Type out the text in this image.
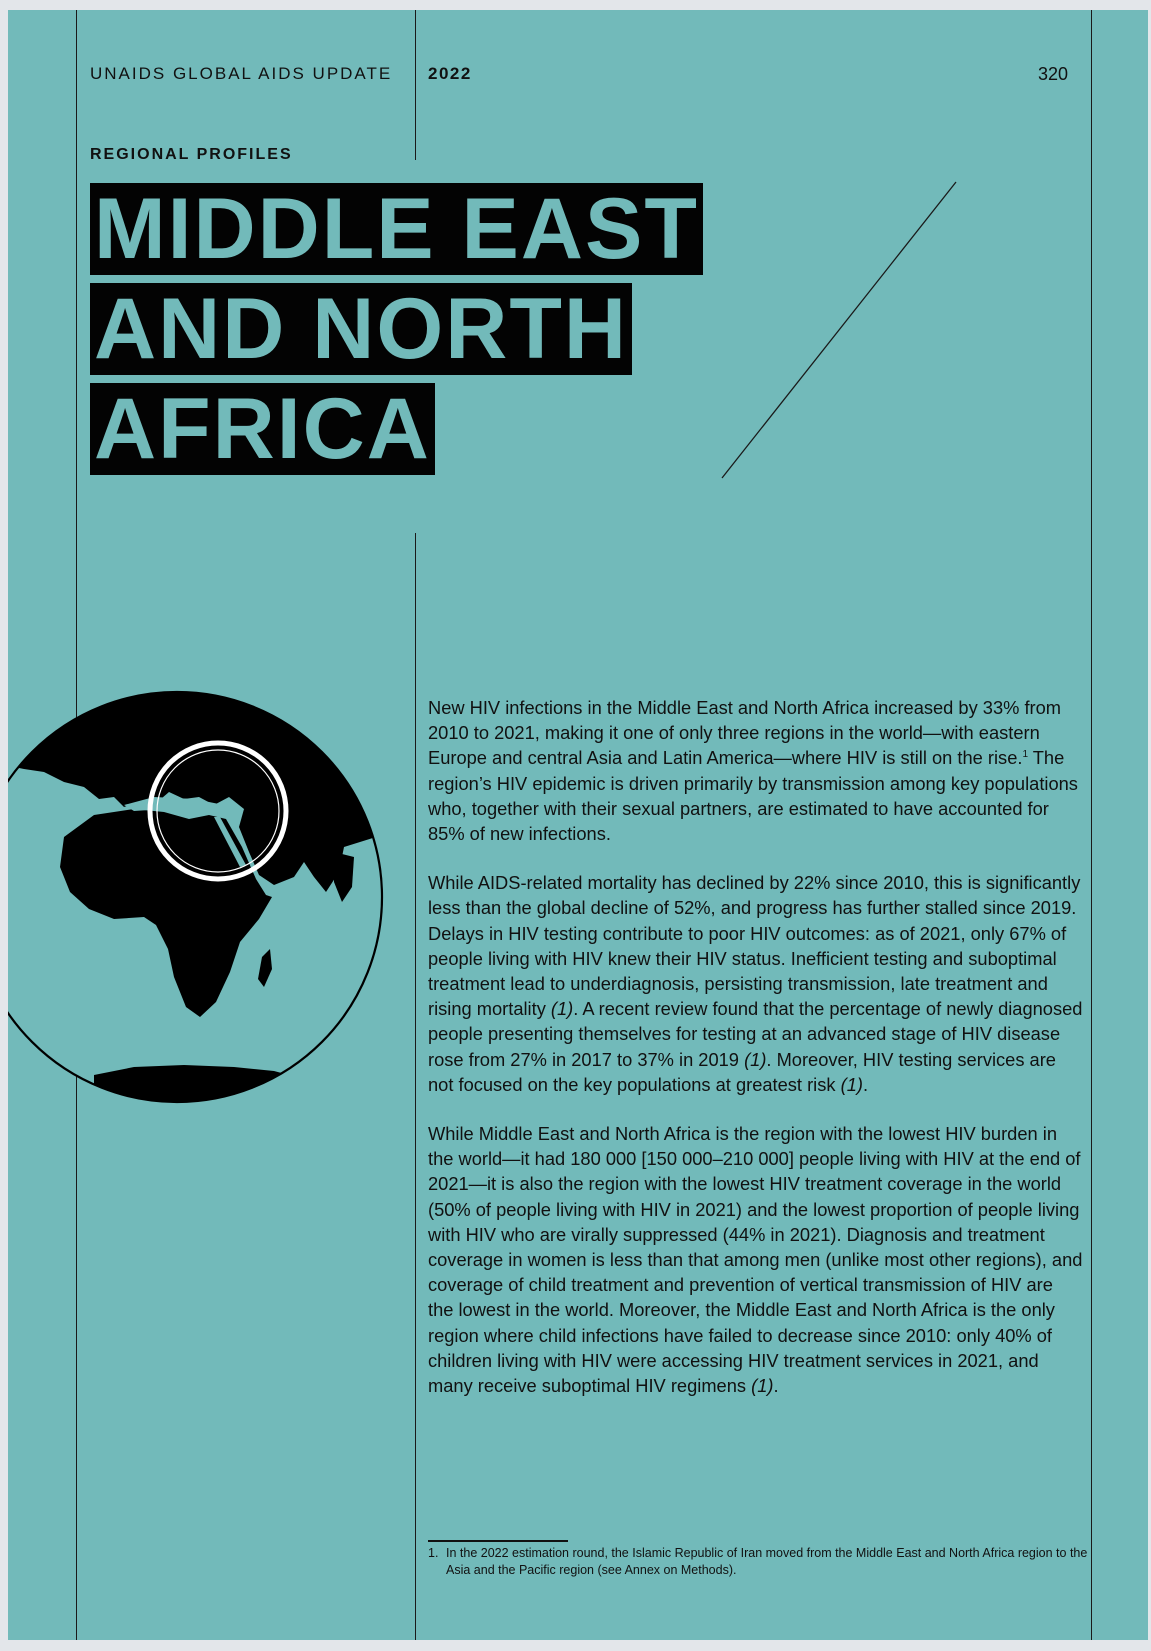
UNAIDS GLOBAL AIDS UPDATE 2022	320
REGIONAL PROFILES
MIDDLE EAST
AND NORTH
AFRICA

New HIV infections in the Middle East and North Africa increased by 33% from 2010 to 2021, making it one of only three regions in the world—with eastern Europe and central Asia and Latin America—where HIV is still on the rise.$^1$ The region’s HIV epidemic is driven primarily by transmission among key populations who, together with their sexual partners, are estimated to have accounted for 85% of new infections.

While AIDS-related mortality has declined by 22% since 2010, this is significantly less than the global decline of 52%, and progress has further stalled since 2019. Delays in HIV testing contribute to poor HIV outcomes: as of 2021, only 67% of people living with HIV knew their HIV status. Inefficient testing and suboptimal treatment lead to underdiagnosis, persisting transmission, late treatment and rising mortality (1). A recent review found that the percentage of newly diagnosed people presenting themselves for testing at an advanced stage of HIV disease rose from 27% in 2017 to 37% in 2019 (1). Moreover, HIV testing services are not focused on the key populations at greatest risk (1).

While Middle East and North Africa is the region with the lowest HIV burden in the world—it had 180 000 [150 000–210 000] people living with HIV at the end of 2021—it is also the region with the lowest HIV treatment coverage in the world (50% of people living with HIV in 2021) and the lowest proportion of people living with HIV who are virally suppressed (44% in 2021). Diagnosis and treatment coverage in women is less than that among men (unlike most other regions), and coverage of child treatment and prevention of vertical transmission of HIV are the lowest in the world. Moreover, the Middle East and North Africa is the only region where child infections have failed to decrease since 2010: only 40% of children living with HIV were accessing HIV treatment services in 2021, and many receive suboptimal HIV regimens (1).

1. In the 2022 estimation round, the Islamic Republic of Iran moved from the Middle East and North Africa region to the Asia and the Pacific region (see Annex on Methods).
